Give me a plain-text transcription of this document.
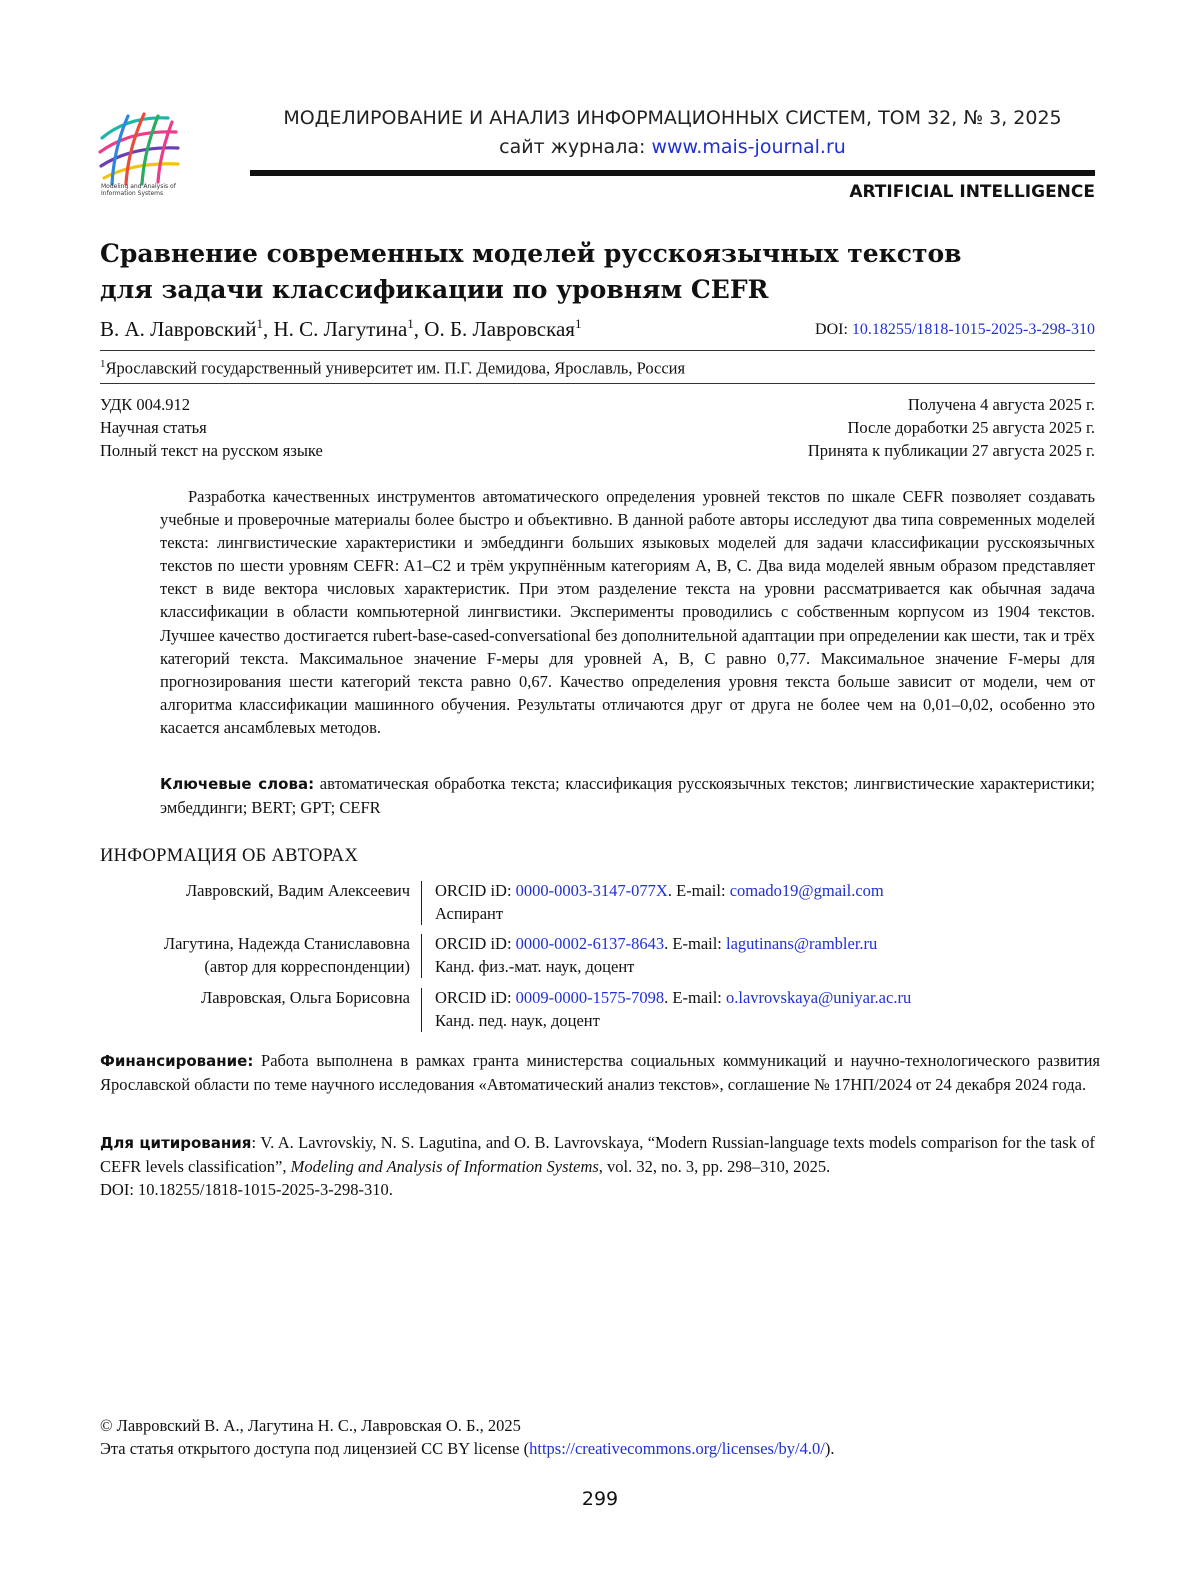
Modeling and Analysis of Information Systems
МОДЕЛИРОВАНИЕ И АНАЛИЗ ИНФОРМАЦИОННЫХ СИСТЕМ, ТОМ 32, № 3, 2025
сайт журнала: www.mais-journal.ru
ARTIFICIAL INTELLIGENCE
Сравнение современных моделей русскоязычных текстов
для задачи классификации по уровням CEFR
В. А. Лавровский$^1$, Н. С. Лагутина$^1$, О. Б. Лавровская$^1$	DOI: 10.18255/1818-1015-2025-3-298-310
$^1$Ярославский государственный университет им. П.Г. Демидова, Ярославль, Россия
УДК 004.912
Научная статья
Полный текст на русском языке
Получена 4 августа 2025 г.
После доработки 25 августа 2025 г.
Принята к публикации 27 августа 2025 г.

Разработка качественных инструментов автоматического определения уровней текстов по шкале CEFR позволяет создавать учебные и проверочные материалы более быстро и объективно. В данной работе авторы исследуют два типа современных моделей текста: лингвистические характеристики и эмбеддинги больших языковых моделей для задачи классификации русскоязычных текстов по шести уровням CEFR: A1–C2 и трём укрупнённым категориям A, B, C. Два вида моделей явным образом представляет текст в виде вектора числовых характеристик. При этом разделение текста на уровни рассматривается как обычная задача классификации в области компьютерной лингвистики. Эксперименты проводились с собственным корпусом из 1904 текстов. Лучшее качество достигается rubert-base-cased-conversational без дополнительной адаптации при определении как шести, так и трёх категорий текста. Максимальное значение F-меры для уровней A, B, C равно 0,77. Максимальное значение F-меры для прогнозирования шести категорий текста равно 0,67. Качество определения уровня текста больше зависит от модели, чем от алгоритма классификации машинного обучения. Результаты отличаются друг от друга не более чем на 0,01–0,02, особенно это касается ансамблевых методов.

Ключевые слова: автоматическая обработка текста; классификация русскоязычных текстов; лингвистические характеристики; эмбеддинги; BERT; GPT; CEFR
ИНФОРМАЦИЯ ОБ АВТОРАХ
Лавровский, Вадим Алексеевич ORCID iD: 0000-0003-3147-077X. E-mail: comado19@gmail.com
Аспирант
Лагутина, Надежда Станиславовна
(автор для корреспонденции)
ORCID iD: 0000-0002-6137-8643. E-mail: lagutinans@rambler.ru
Канд. физ.-мат. наук, доцент
Лавровская, Ольга Борисовна ORCID iD: 0009-0000-1575-7098. E-mail: o.lavrovskaya@uniyar.ac.ru
Канд. пед. наук, доцент
Финансирование: Работа выполнена в рамках гранта министерства социальных коммуникаций и научно-технологического развития Ярославской области по теме научного исследования «Автоматический анализ текстов», соглашение № 17НП/2024 от 24 декабря 2024 года.
Для цитирования: V. A. Lavrovskiy, N. S. Lagutina, and O. B. Lavrovskaya, “Modern Russian-language texts models comparison for the task of CEFR levels classification”, Modeling and Analysis of Information Systems, vol. 32, no. 3, pp. 298–310, 2025.
DOI: 10.18255/1818-1015-2025-3-298-310.
© Лавровский В. А., Лагутина Н. С., Лавровская О. Б., 2025
Эта статья открытого доступа под лицензией CC BY license (https://creativecommons.org/licenses/by/4.0/).
299
